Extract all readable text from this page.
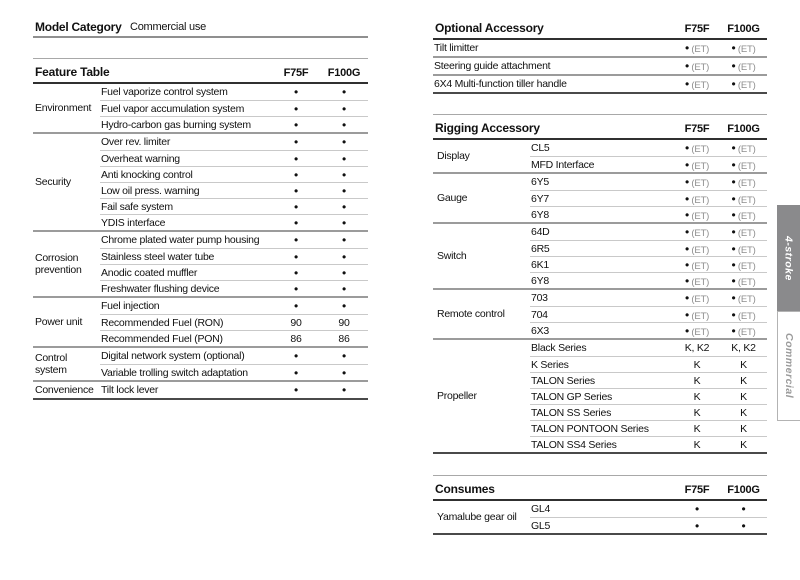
Model Category Commercial use
Feature Table	F75F	F100G
Environment
Fuel vaporize control system	•	•
Fuel vapor accumulation system	•	•
Hydro-carbon gas burning system	•	•
Security
Over rev. limiter	•	•
Overheat warning	•	•
Anti knocking control	•	•
Low oil press. warning	•	•
Fail safe system	•	•
YDIS interface	•	•
Corrosion prevention
Chrome plated water pump housing	•	•
Stainless steel water tube	•	•
Anodic coated muffler	•	•
Freshwater flushing device	•	•
Power unit
Fuel injection	•	•
Recommended Fuel (RON)	90	90
Recommended Fuel (PON)	86	86
Control system
Digital network system (optional)	•	•
Variable trolling switch adaptation	•	•
Convenience Tilt lock lever	•	•
Optional Accessory	F75F	F100G
Tilt limitter	• (ET)	• (ET)
Steering guide attachment	• (ET)	• (ET)
6X4 Multi-function tiller handle	• (ET)	• (ET)
Rigging Accessory	F75F	F100G
Display
CL5	• (ET)	• (ET)
MFD Interface	• (ET)	• (ET)
Gauge
6Y5	• (ET)	• (ET)
6Y7	• (ET)	• (ET)
6Y8	• (ET)	• (ET)
Switch
64D	• (ET)	• (ET)
6R5	• (ET)	• (ET)
6K1	• (ET)	• (ET)
6Y8	• (ET)	• (ET)
Remote control
703	• (ET)	• (ET)
704	• (ET)	• (ET)
6X3	• (ET)	• (ET)
Propeller
Black Series	K, K2	K, K2
K Series	K	K
TALON Series	K	K
TALON GP Series	K	K
TALON SS Series	K	K
TALON PONTOON Series	K	K
TALON SS4 Series	K	K
Consumes	F75F	F100G
Yamalube gear oil
GL4	•	•
GL5	•	•
4-stroke
Commercial
